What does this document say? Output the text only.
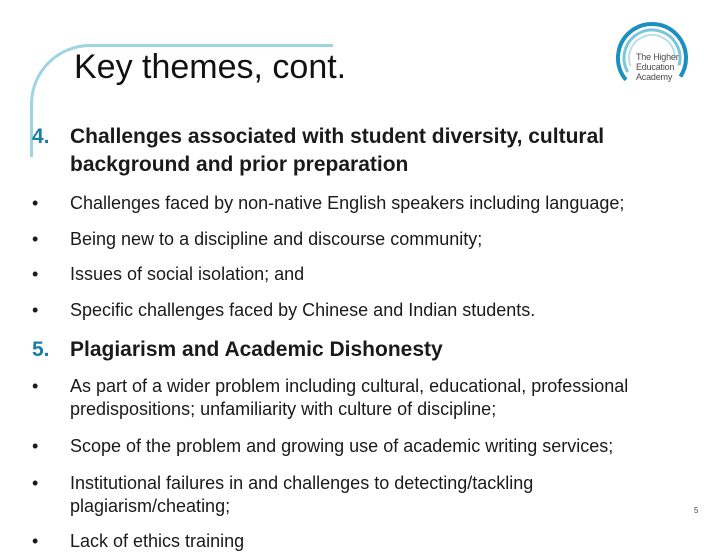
Key themes, cont.	The Higher
Education
Academy
4. Challenges associated with student diversity, cultural background and prior preparation
•	Challenges faced by non-native English speakers including language;
•	Being new to a discipline and discourse community;
•	Issues of social isolation; and
•	Specific challenges faced by Chinese and Indian students.
5. Plagiarism and Academic Dishonesty
•	As part of a wider problem including cultural, educational, professional predispositions; unfamiliarity with culture of discipline;
•	Scope of the problem and growing use of academic writing services;
•	Institutional failures in and challenges to detecting/tackling plagiarism/cheating;
•	Lack of ethics training
5
